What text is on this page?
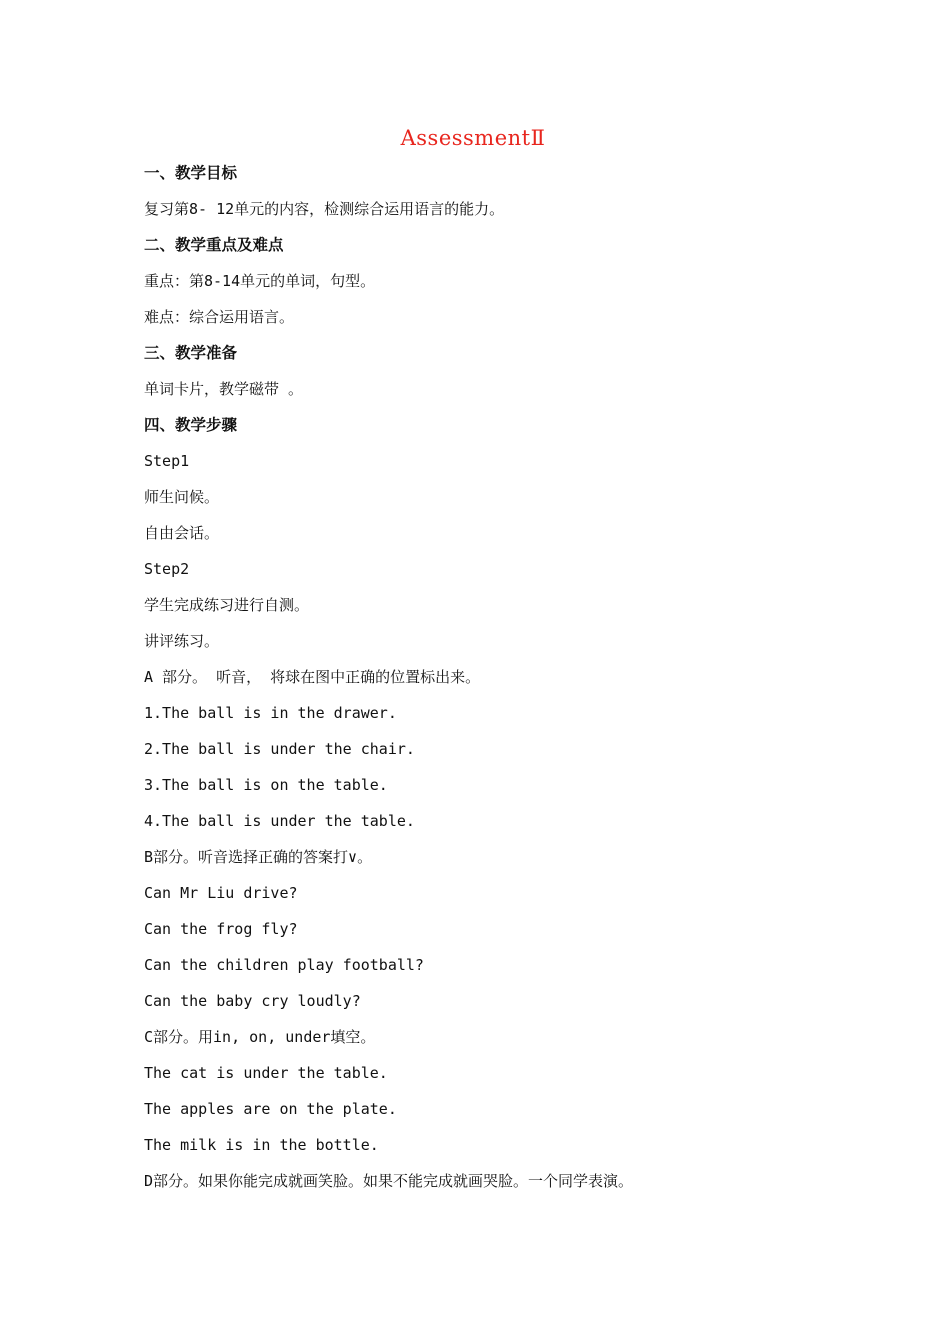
AssessmentⅡ
一、教学目标
复习第8- 12单元的内容，检测综合运用语言的能力。
二、教学重点及难点
重点：第8-14单元的单词，句型。
难点：综合运用语言。
三、教学准备
单词卡片，教学磁带 。
四、教学步骤
Step1
师生问候。
自由会话。
Step2
学生完成练习进行自测。
讲评练习。
A 部分。 听音， 将球在图中正确的位置标出来。
1.The ball is in the drawer.
2.The ball is under the chair.
3.The ball is on the table.
4.The ball is under the table.
B部分。听音选择正确的答案打∨。
Can Mr Liu drive?
Can the frog fly?
Can the children play football?
Can the baby cry loudly?
C部分。用in, on, under填空。
The cat is under the table.
The apples are on the plate.
The milk is in the bottle.
D部分。如果你能完成就画笑脸。如果不能完成就画哭脸。一个同学表演。
